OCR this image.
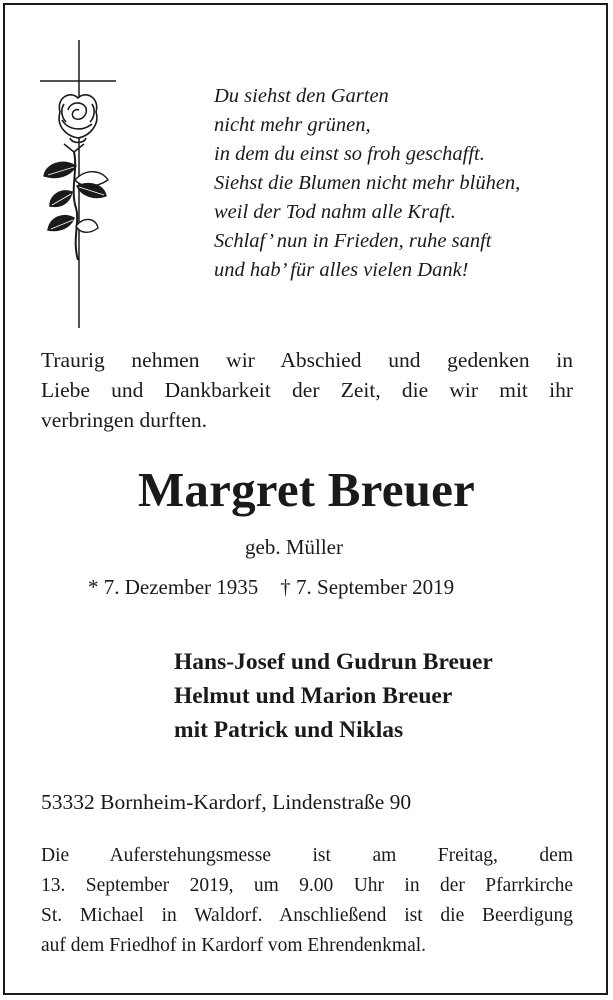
Du siehst den Garten
nicht mehr grünen,
in dem du einst so froh geschafft.
Siehst die Blumen nicht mehr blühen,
weil der Tod nahm alle Kraft.
Schlaf’ nun in Frieden, ruhe sanft
und hab’ für alles vielen Dank!
Traurig nehmen wir Abschied und gedenken in
Liebe und Dankbarkeit der Zeit, die wir mit ihr
verbringen durften.
Margret Breuer
geb. Müller
* 7. Dezember 1935 † 7. September 2019
Hans-Josef und Gudrun Breuer
Helmut und Marion Breuer
mit Patrick und Niklas
53332 Bornheim-Kardorf, Lindenstraße 90
Die Auferstehungsmesse ist am Freitag, dem
13. September 2019, um 9.00 Uhr in der Pfarrkirche
St. Michael in Waldorf. Anschließend ist die Beerdigung
auf dem Friedhof in Kardorf vom Ehrendenkmal.
